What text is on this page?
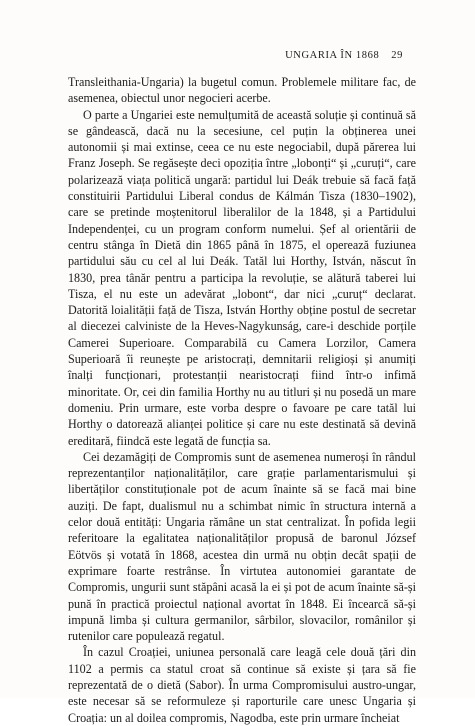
UNGARIA ÎN 1868 29

Transleithania-Ungaria) la bugetul comun. Problemele militare fac, de asemenea, obiectul unor negocieri acerbe.

O parte a Ungariei este nemulțumită de această soluție și continuă să se gândească, dacă nu la secesiune, cel puțin la obținerea unei autonomii și mai extinse, ceea ce nu este negociabil, după părerea lui Franz Joseph. Se regăsește deci opoziția între „lobonți“ și „curuți“, care polarizează viața politică ungară: partidul lui Deák trebuie să facă față constituirii Partidului Liberal condus de Kálmán Tisza (1830–1902), care se pretinde moștenitorul liberalilor de la 1848, și a Partidului Independenței, cu un program conform numelui. Șef al orientării de centru stânga în Dietă din 1865 până în 1875, el operează fuziunea partidului său cu cel al lui Deák. Tatăl lui Horthy, István, născut în 1830, prea tânăr pentru a participa la revoluție, se alătură taberei lui Tisza, el nu este un adevărat „lobont“, dar nici „curuț“ declarat. Datorită loialității față de Tisza, István Horthy obține postul de secretar al diecezei calviniste de la Heves-Nagykunság, care-i deschide porțile Camerei Superioare. Comparabilă cu Camera Lorzilor, Camera Superioară îi reunește pe aristocrați, demnitarii religioși și anumiți înalți funcționari, protestanții nearistocrați fiind într-o infimă minoritate. Or, cei din familia Horthy nu au titluri și nu posedă un mare domeniu. Prin urmare, este vorba despre o favoare pe care tatăl lui Horthy o datorează alianței politice și care nu este destinată să devină ereditară, fiindcă este legată de funcția sa.

Cei dezamăgiți de Compromis sunt de asemenea numeroși în rândul reprezentanților naționalităților, care grație parlamentarismului și libertăților constituționale pot de acum înainte să se facă mai bine auziți. De fapt, dualismul nu a schimbat nimic în structura internă a celor două entități: Ungaria rămâne un stat centralizat. În pofida legii referitoare la egalitatea naționalităților propusă de baronul József Eötvös și votată în 1868, acestea din urmă nu obțin decât spații de exprimare foarte restrânse. În virtutea autonomiei garantate de Compromis, ungurii sunt stăpâni acasă la ei și pot de acum înainte să-și pună în practică proiectul național avortat în 1848. Ei încearcă să-și impună limba și cultura germanilor, sârbilor, slovacilor, românilor și rutenilor care populează regatul.

În cazul Croației, uniunea personală care leagă cele două țări din 1102 a permis ca statul croat să continue să existe și țara să fie reprezentată de o dietă (Sabor). În urma Compromisului austro-ungar, este necesar să se reformuleze și raporturile care unesc Ungaria și Croația: un al doilea compromis, Nagodba, este prin urmare încheiat
